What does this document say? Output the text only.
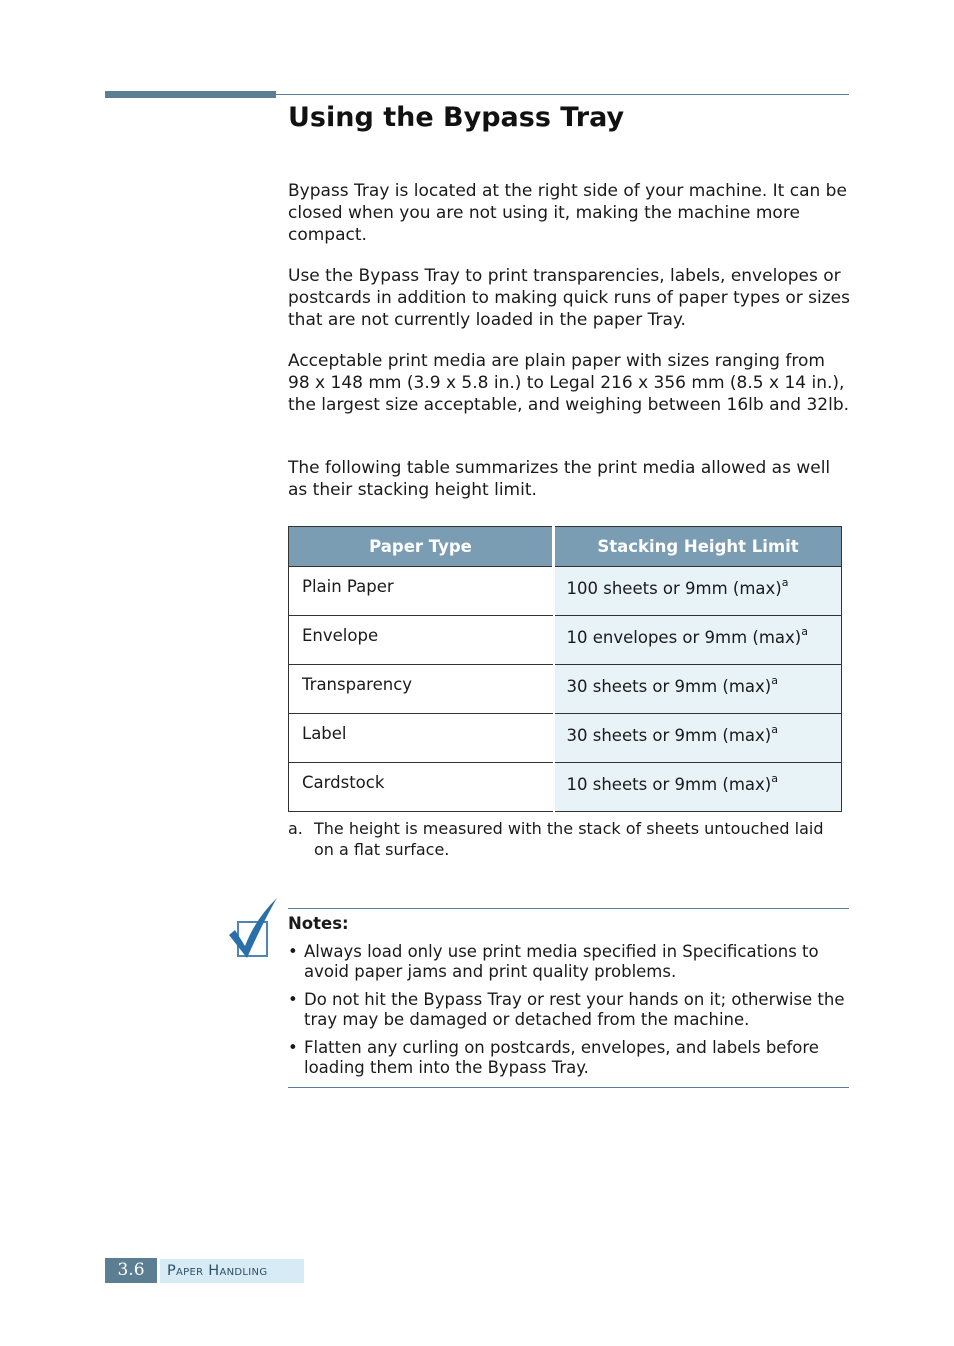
Using the Bypass Tray

Bypass Tray is located at the right side of your machine. It can be closed when you are not using it, making the machine more compact.

Use the Bypass Tray to print transparencies, labels, envelopes or postcards in addition to making quick runs of paper types or sizes that are not currently loaded in the paper Tray.

Acceptable print media are plain paper with sizes ranging from 98 x 148 mm (3.9 x 5.8 in.) to Legal 216 x 356 mm (8.5 x 14 in.), the largest size acceptable, and weighing between 16lb and 32lb.

The following table summarizes the print media allowed as well as their stacking height limit.

Paper Type	Stacking Height Limit
Plain Paper	100 sheets or 9mm $(\max)^a$
Envelope	10 envelopes or 9mm $(\max)^a$
Transparency	30 sheets or 9mm $(\max)^a$
Label	30 sheets or 9mm $(\max)^a$
Cardstock	10 sheets or 9mm $(\max)^a$
a. The height is measured with the stack of sheets untouched laid on a flat surface.

Notes:

• Always load only use print media specified in Specifications to avoid paper jams and print quality problems.
• Do not hit the Bypass Tray or rest your hands on it; otherwise the tray may be damaged or detached from the machine.
• Flatten any curling on postcards, envelopes, and labels before loading them into the Bypass Tray.
3.6	Paper Handling
